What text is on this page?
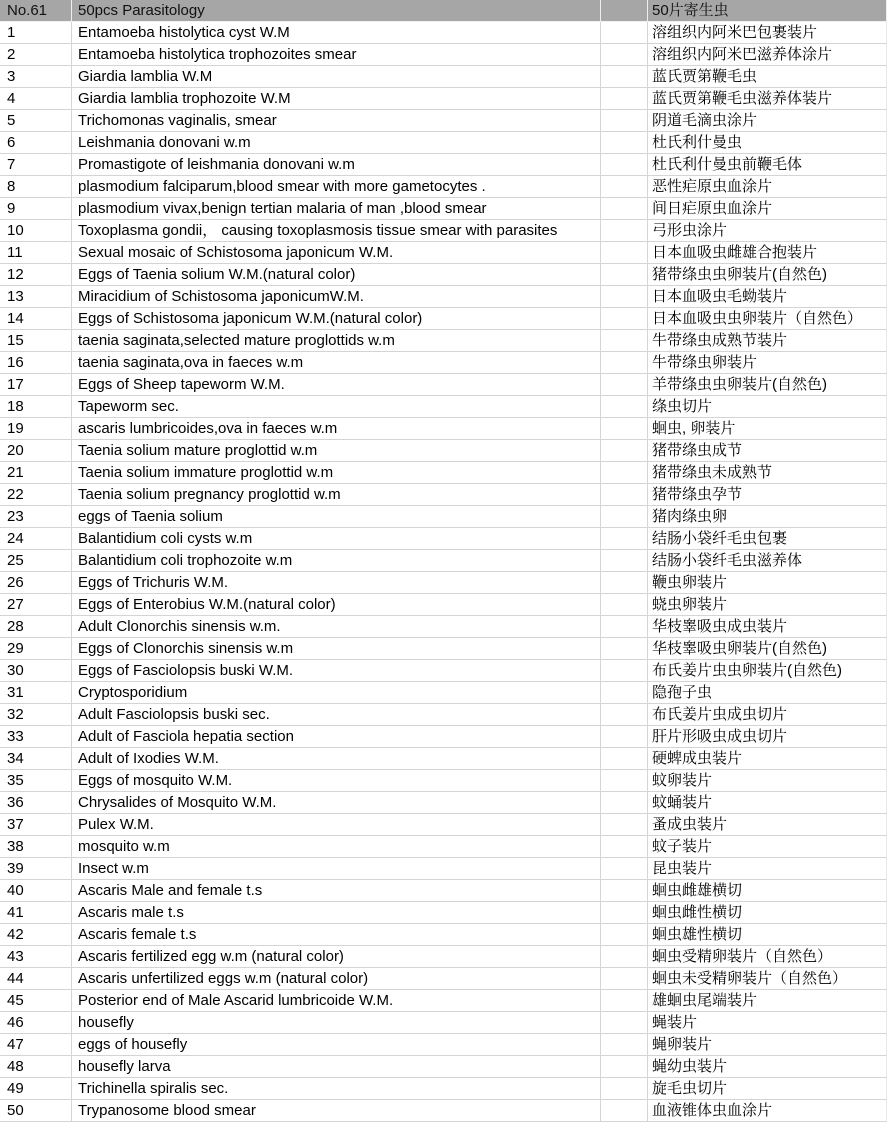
No.61	50pcs Parasitology	50片寄生虫
1	Entamoeba histolytica cyst W.M	溶组织内阿米巴包裹装片
2	Entamoeba histolytica trophozoites smear	溶组织内阿米巴滋养体涂片
3	Giardia lamblia W.M	蓝氏贾第鞭毛虫
4	Giardia lamblia trophozoite W.M	蓝氏贾第鞭毛虫滋养体装片
5	Trichomonas vaginalis, smear	阴道毛滴虫涂片
6	Leishmania donovani w.m	杜氏利什曼虫
7	Promastigote of leishmania donovani w.m	杜氏利什曼虫前鞭毛体
8	plasmodium falciparum,blood smear with more gametocytes .	恶性疟原虫血涂片
9	plasmodium vivax,benign tertian malaria of man ,blood smear	间日疟原虫血涂片
10	Toxoplasma gondii， causing toxoplasmosis tissue smear with parasites	弓形虫涂片
11	Sexual mosaic of Schistosoma japonicum W.M.	日本血吸虫雌雄合抱装片
12	Eggs of Taenia solium W.M.(natural color)	猪带绦虫虫卵装片(自然色)
13	Miracidium of Schistosoma japonicumW.M.	日本血吸虫毛蚴装片
14	Eggs of Schistosoma japonicum W.M.(natural color)	日本血吸虫虫卵装片（自然色）
15	taenia saginata,selected mature proglottids w.m	牛带绦虫成熟节装片
16	taenia saginata,ova in faeces w.m	牛带绦虫卵装片
17	Eggs of Sheep tapeworm W.M.	羊带绦虫虫卵装片(自然色)
18	Tapeworm sec.	绦虫切片
19	ascaris lumbricoides,ova in faeces w.m	蛔虫, 卵装片
20	Taenia solium mature proglottid w.m	猪带绦虫成节
21	Taenia solium immature proglottid w.m	猪带绦虫未成熟节
22	Taenia solium pregnancy proglottid w.m	猪带绦虫孕节
23	eggs of Taenia solium	猪肉绦虫卵
24	Balantidium coli cysts w.m	结肠小袋纤毛虫包裹
25	Balantidium coli trophozoite w.m	结肠小袋纤毛虫滋养体
26	Eggs of Trichuris W.M.	鞭虫卵装片
27	Eggs of Enterobius W.M.(natural color)	蛲虫卵装片
28	Adult Clonorchis sinensis w.m.	华枝睾吸虫成虫装片
29	Eggs of Clonorchis sinensis w.m	华枝睾吸虫卵装片(自然色)
30	Eggs of Fasciolopsis buski W.M.	布氏姜片虫虫卵装片(自然色)
31	Cryptosporidium	隐孢子虫
32	Adult Fasciolopsis buski sec.	布氏姜片虫成虫切片
33	Adult of Fasciola hepatia section	肝片形吸虫成虫切片
34	Adult of Ixodies W.M.	硬蜱成虫装片
35	Eggs of mosquito W.M.	蚊卵装片
36	Chrysalides of Mosquito W.M.	蚊蛹装片
37	Pulex W.M.	蚤成虫装片
38	mosquito w.m	蚊子装片
39	Insect w.m	昆虫装片
40	Ascaris Male and female t.s	蛔虫雌雄横切
41	Ascaris male t.s	蛔虫雌性横切
42	Ascaris female t.s	蛔虫雄性横切
43	Ascaris fertilized egg w.m (natural color)	蛔虫受精卵装片（自然色）
44	Ascaris unfertilized eggs w.m (natural color)	蛔虫未受精卵装片（自然色）
45	Posterior end of Male Ascarid lumbricoide W.M.	雄蛔虫尾端装片
46	housefly	蝇装片
47	eggs of housefly	蝇卵装片
48	housefly larva	蝇幼虫装片
49	Trichinella spiralis sec.	旋毛虫切片
50	Trypanosome blood smear	血液锥体虫血涂片
